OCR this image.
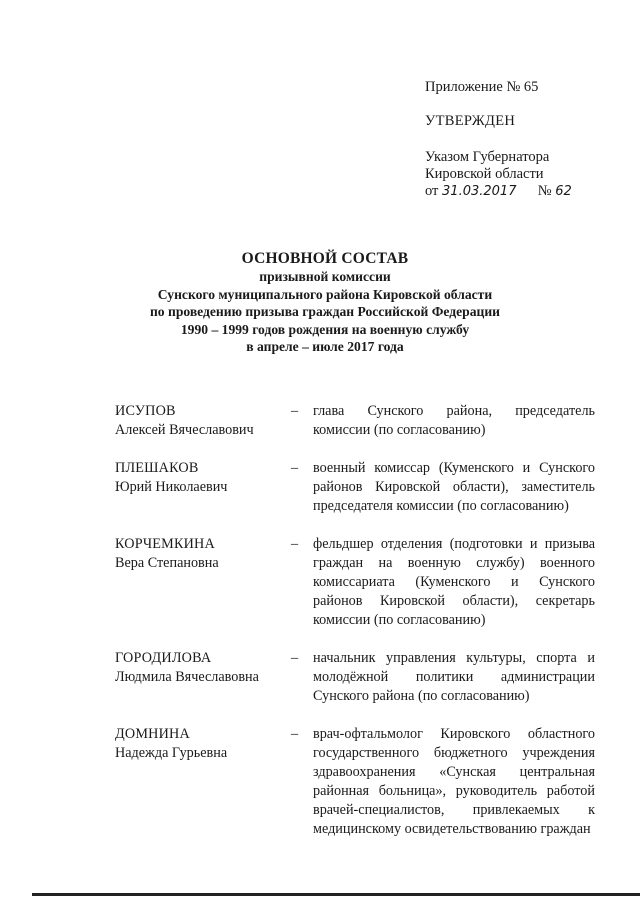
Приложение № 65
УТВЕРЖДЕН
Указом Губернатора
Кировской области
от 31.03.2017 № 62
ОСНОВНОЙ СОСТАВ
призывной комиссии
Сунского муниципального района Кировской области
по проведению призыва граждан Российской Федерации
1990 – 1999 годов рождения на военную службу
в апреле – июле 2017 года
ИСУПОВ
Алексей Вячеславович
–	глава Сунского района, председатель комиссии (по согласованию)
ПЛЕШАКОВ
Юрий Николаевич
–	военный комиссар (Куменского и Сунского районов Кировской области), заместитель председателя комиссии (по согласованию)
КОРЧЕМКИНА
Вера Степановна
–	фельдшер отделения (подготовки и призыва граждан на военную службу) военного комиссариата (Куменского и Сунского районов Кировской области), секретарь комиссии (по согласованию)
ГОРОДИЛОВА
Людмила Вячеславовна
–	начальник управления культуры, спорта и молодёжной политики администрации Сунского района (по согласованию)
ДОМНИНА
Надежда Гурьевна
–	врач-офтальмолог Кировского областного государственного бюджетного учреждения здравоохранения «Сунская центральная районная больница», руководитель работой врачей-специалистов, привлекаемых к медицинскому освидетельствованию граждан
